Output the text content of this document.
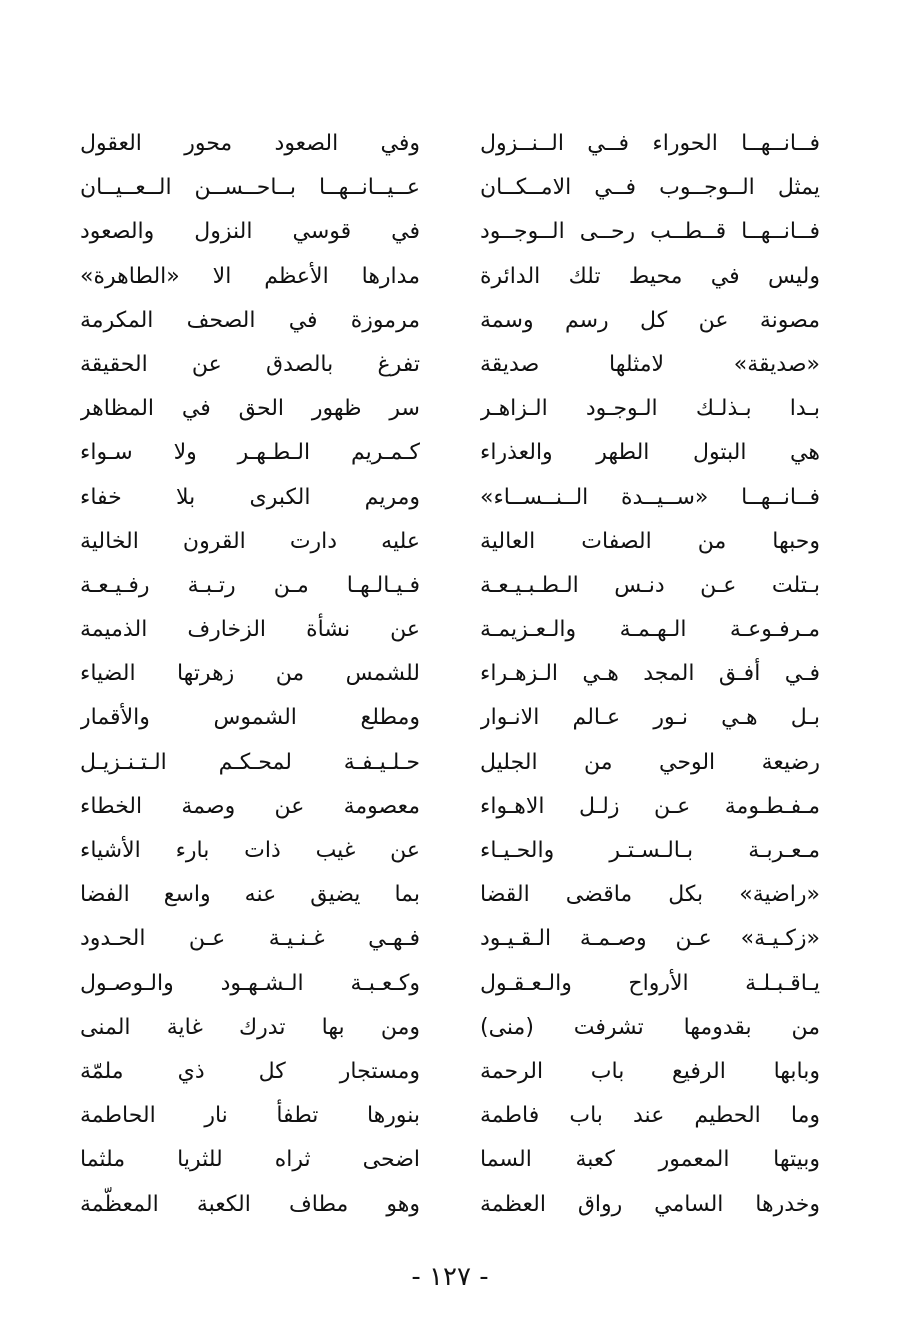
فــانــهــا الحوراء فــي الــنــزول
يمثل الــوجــوب فــي الامــكــان
فــانــهــا قــطــب رحــى الــوجــود
وليس في محيط تلك الدائرة
مصونة عن كل رسم وسمة
«صديقة» لامثلها صديقة
بـدا بـذلـك الـوجـود الـزاهـر
هي البتول الطهر والعذراء
فــانــهــا «ســيــدة الــنــســاء»
وحبها من الصفات العالية
بـتلت عـن دنـس الـطـبـيـعـة
مـرفـوعـة الـهـمـة والـعـزيمـة
فـي أفـق المجد هـي الـزهـراء
بـل هـي نـور عـالم الانـوار
رضيعة الوحي من الجليل
مـفـطـومة عـن زلـل الاهـواء
مـعـربـة بـالـسـتـر والحـيـاء
«راضية» بكل ماقضى القضا
«زكـيـة» عـن وصـمـة الـقـيـود
يـاقـبـلـة الأرواح والـعـقـول
من بقدومها تشرفت (منى)
وبابها الرفيع باب الرحمة
وما الحطيم عند باب فاطمة
وبيتها المعمور كعبة السما
وخدرها السامي رواق العظمة
وفي الصعود محور العقول
عــيــانــهــا بــاحــســن الــعــيــان
في قوسي النزول والصعود
مدارها الأعظم الا «الطاهرة»
مرموزة في الصحف المكرمة
تفرغ بالصدق عن الحقيقة
سر ظهور الحق في المظاهر
كـمـريم الـطـهـر ولا سـواء
ومريم الكبرى بلا خفاء
عليه دارت القرون الخالية
فـيـالـهـا مـن رتـبـة رفـيـعـة
عن نشأة الزخارف الذميمة
للشمس من زهرتها الضياء
ومطلع الشموس والأقمار
حـلـيـفـة لمحـكـم الـتـنـزيـل
معصومة عن وصمة الخطاء
عن غيب ذات بارء الأشياء
بما يضيق عنه واسع الفضا
فـهـي غـنـيـة عـن الحـدود
وكـعـبـة الـشـهـود والـوصـول
ومن بها تدرك غاية المنى
ومستجار كل ذي ملمّة
بنورها تطفأ نار الحاطمة
اضحى ثراه للثريا ملثما
وهو مطاف الكعبة المعظّمة
- ١٢٧ -
